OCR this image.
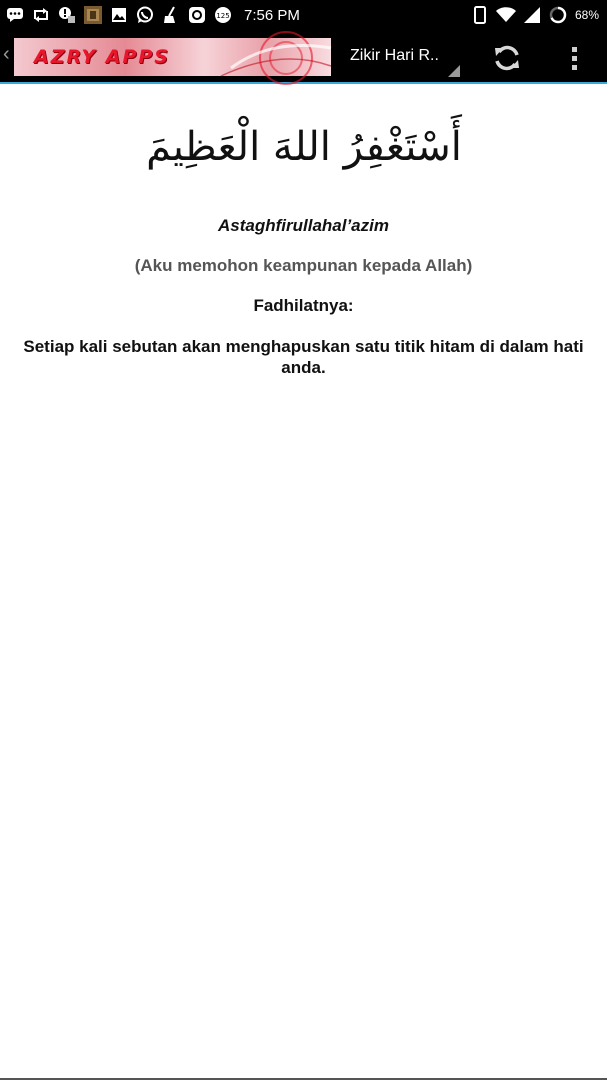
125 7:56 PM	68%
‹ AZRY APPS	Zikir Hari R..
أَسْتَغْفِرُ اللهَ الْعَظِيمَ
Astaghfirullahal’azim
(Aku memohon keampunan kepada Allah)
Fadhilatnya:
Setiap kali sebutan akan menghapuskan satu titik hitam di dalam hati anda.
